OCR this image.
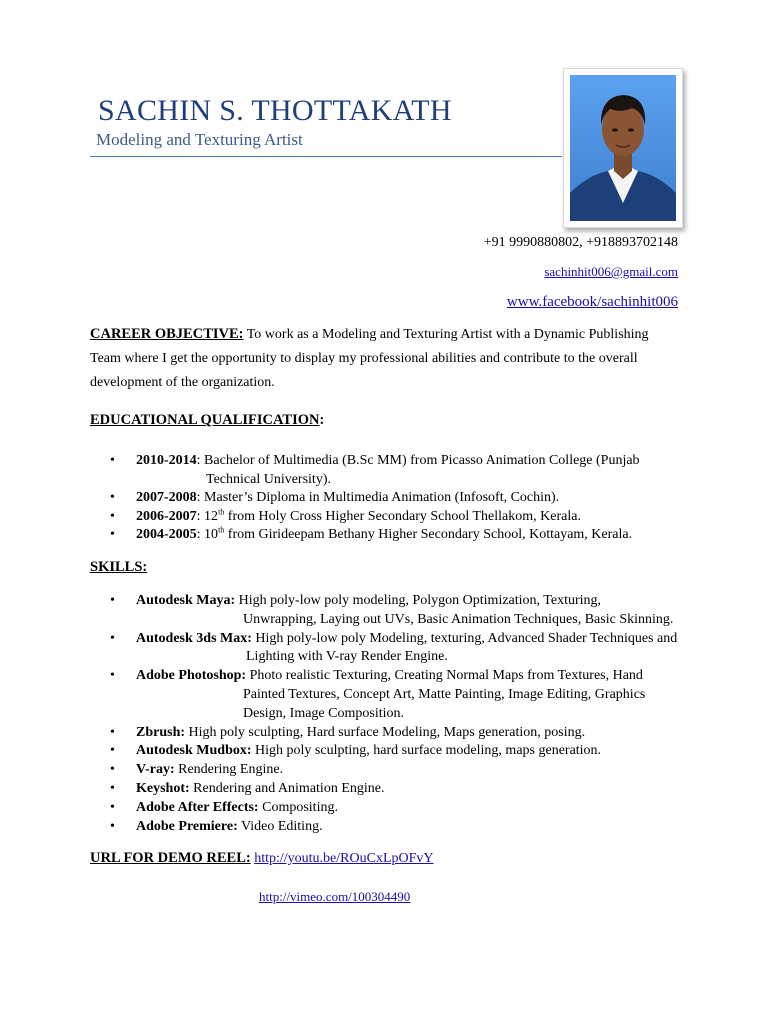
SACHIN S. THOTTAKATH
Modeling and Texturing Artist
+91 9990880802, +918893702148
sachinhit006@gmail.com
www.facebook/sachinhit006
CAREER OBJECTIVE: To work as a Modeling and Texturing Artist with a Dynamic Publishing Team where I get the opportunity to display my professional abilities and contribute to the overall development of the organization.
EDUCATIONAL QUALIFICATION:
• 2010-2014: Bachelor of Multimedia (B.Sc MM) from Picasso Animation College (Punjab
Technical University).
• 2007-2008: Master’s Diploma in Multimedia Animation (Infosoft, Cochin).
• 2006-2007: 12th from Holy Cross Higher Secondary School Thellakom, Kerala.
• 2004-2005: 10th from Girideepam Bethany Higher Secondary School, Kottayam, Kerala.
SKILLS:
• Autodesk Maya: High poly-low poly modeling, Polygon Optimization, Texturing,
Unwrapping, Laying out UVs, Basic Animation Techniques, Basic Skinning.
• Autodesk 3ds Max: High poly-low poly Modeling, texturing, Advanced Shader Techniques and
Lighting with V-ray Render Engine.
• Adobe Photoshop: Photo realistic Texturing, Creating Normal Maps from Textures, Hand
Painted Textures, Concept Art, Matte Painting, Image Editing, Graphics
Design, Image Composition.
• Zbrush: High poly sculpting, Hard surface Modeling, Maps generation, posing.
• Autodesk Mudbox: High poly sculpting, hard surface modeling, maps generation.
• V-ray: Rendering Engine.
• Keyshot: Rendering and Animation Engine.
• Adobe After Effects: Compositing.
• Adobe Premiere: Video Editing.
URL FOR DEMO REEL: http://youtu.be/ROuCxLpOFvY
http://vimeo.com/100304490
